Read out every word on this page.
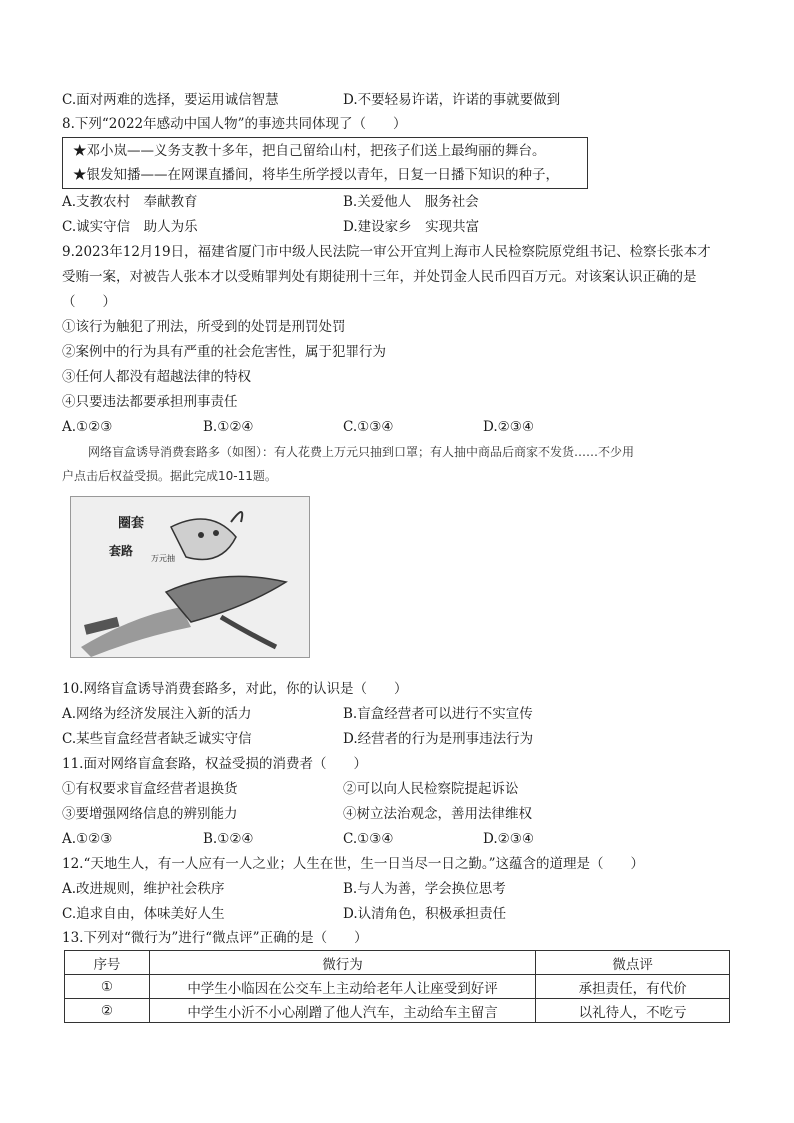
C.面对两难的选择，要运用诚信智慧	D.不要轻易许诺，许诺的事就要做到
8.下列“2022年感动中国人物”的事迹共同体现了（　　）
★邓小岚——义务支教十多年，把自己留给山村，把孩子们送上最绚丽的舞台。
★银发知播——在网课直播间，将毕生所学授以青年，日复一日播下知识的种子，
A.支教农村　奉献教育	B.关爱他人　服务社会
C.诚实守信　助人为乐	D.建设家乡　实现共富
9.2023年12月19日，福建省厦门市中级人民法院一审公开宜判上海市人民检察院原党组书记、检察长张本才
受贿一案，对被告人张本才以受贿罪判处有期徒刑十三年，并处罚金人民币四百万元。对该案认识正确的是
（　　）
①该行为触犯了刑法，所受到的处罚是刑罚处罚
②案例中的行为具有严重的社会危害性，属于犯罪行为
③任何人都没有超越法律的特权
④只要违法都要承担刑事责任
A.①②③	B.①②④	C.①③④	D.②③④
网络盲盒诱导消费套路多（如图）：有人花费上万元只抽到口罩；有人抽中商品后商家不发货……不少用
户点击后权益受损。据此完成10-11题。
圈套
套路
万元抽
10.网络盲盒诱导消费套路多，对此，你的认识是（　　）
A.网络为经济发展注入新的活力	B.盲盒经营者可以进行不实宣传
C.某些盲盒经营者缺乏诚实守信	D.经营者的行为是刑事违法行为
11.面对网络盲盒套路，权益受损的消费者（　　）
①有权要求盲盒经营者退换货	②可以向人民检察院提起诉讼
③要增强网络信息的辨别能力	④树立法治观念，善用法律维权
A.①②③	B.①②④	C.①③④	D.②③④
12.“天地生人，有一人应有一人之业；人生在世，生一日当尽一日之勤。”这蕴含的道理是（　　）
A.改进规则，维护社会秩序	B.与人为善，学会换位思考
C.追求自由，体味美好人生	D.认清角色，积极承担责任
13.下列对“微行为”进行“微点评”正确的是（　　）
序号	微行为	微点评
①	中学生小临因在公交车上主动给老年人让座受到好评	承担责任，有代价
②	中学生小沂不小心剐蹭了他人汽车，主动给车主留言	以礼待人，不吃亏
